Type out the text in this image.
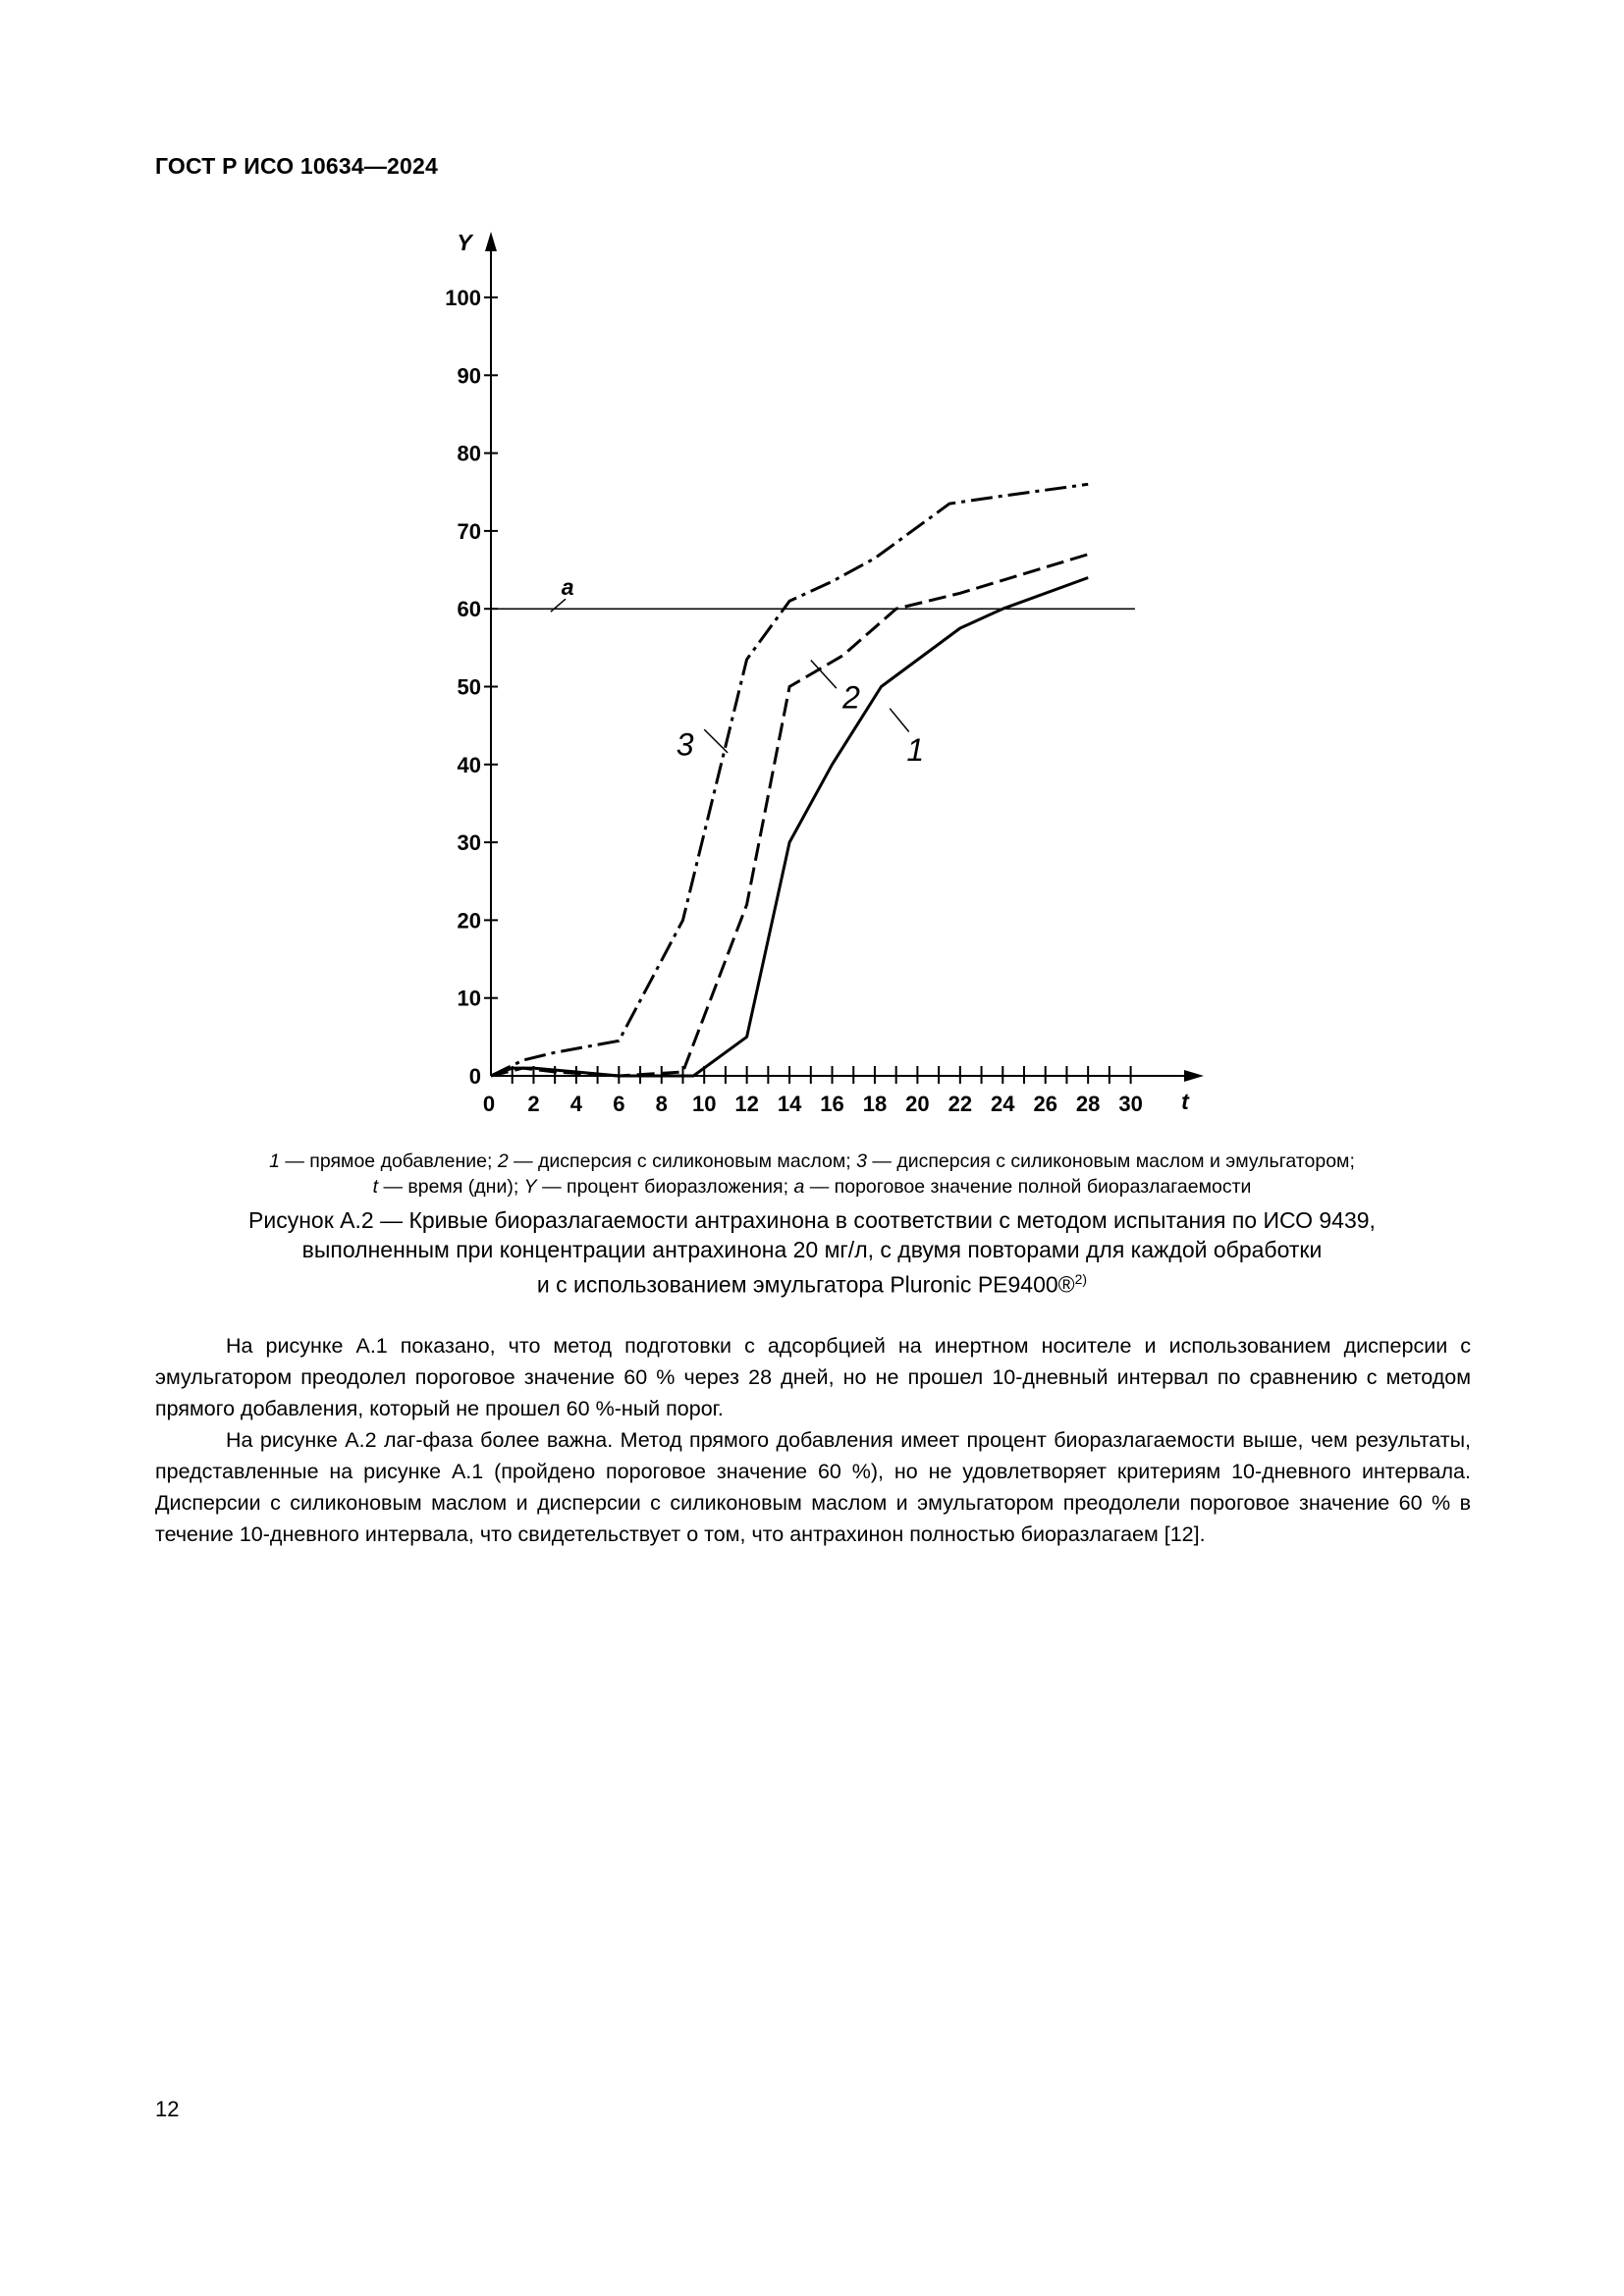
ГОСТ Р ИСО 10634—2024
0
10
20
30
40
50
60
70
80
90
100
0 2 4 6 8 10 12 14 16 18 20 22 24 26 28 30
Y
t
a
1
2
3
1 — прямое добавление; 2 — дисперсия с силиконовым маслом; 3 — дисперсия с силиконовым маслом и эмульгатором;
t — время (дни); Y — процент биоразложения; a — пороговое значение полной биоразлагаемости
Рисунок А.2 — Кривые биоразлагаемости антрахинона в соответствии с методом испытания по ИСО 9439,
выполненным при концентрации антрахинона 20 мг/л, с двумя повторами для каждой обработки
и с использованием эмульгатора Pluronic PE9400®$^{2)}$

На рисунке А.1 показано, что метод подготовки с адсорбцией на инертном носителе и использованием дисперсии с эмульгатором преодолел пороговое значение 60 % через 28 дней, но не прошел 10-дневный интервал по сравнению с методом прямого добавления, который не прошел 60 %-ный порог.

На рисунке А.2 лаг-фаза более важна. Метод прямого добавления имеет процент биоразлагаемости выше, чем результаты, представленные на рисунке А.1 (пройдено пороговое значение 60 %), но не удовлетворяет критериям 10-дневного интервала. Дисперсии с силиконовым маслом и дисперсии с силиконовым маслом и эмульгатором преодолели пороговое значение 60 % в течение 10-дневного интервала, что свидетельствует о том, что антрахинон полностью биоразлагаем [12].

12
